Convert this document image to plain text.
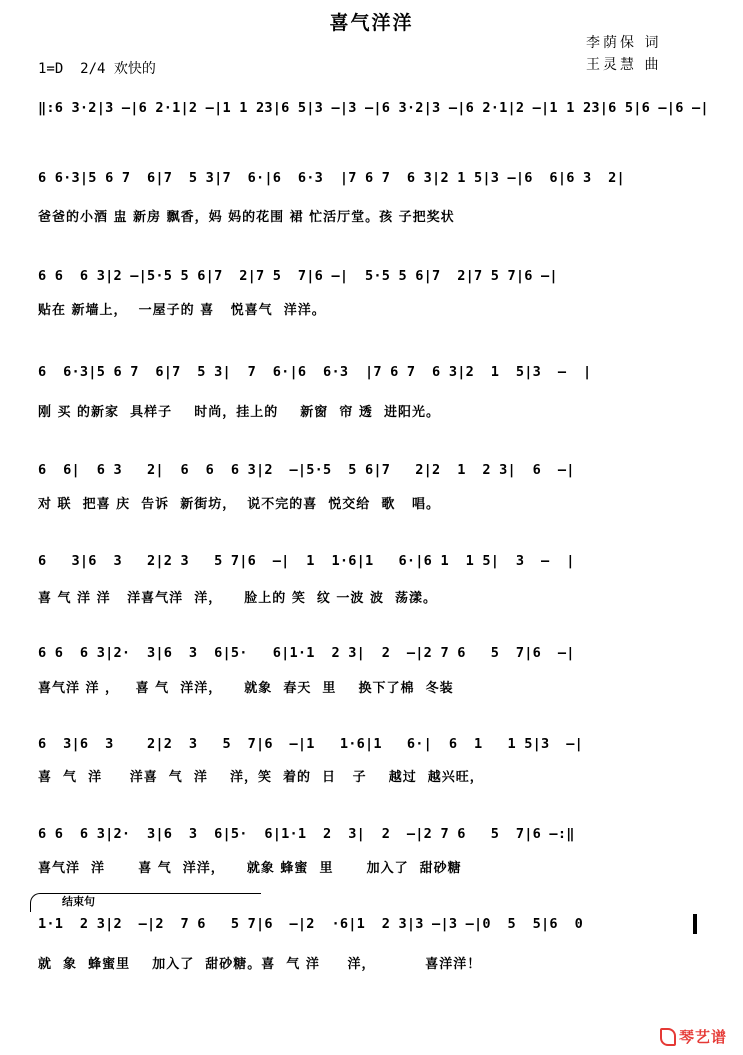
喜气洋洋
李荫保 词
王灵慧 曲
1=D  2/4 欢快的
‖:6 3·2|3 –|6 2·1|2 –|1 1 23|6 5|3 –|3 –|6 3·2|3 –|6 2·1|2 –|1 1 23|6 5|6 –|6 –|
6 6·3|5 6 7  6|7  5 3|7  6·|6  6·3  |7 6 7  6 3|2 1 5|3 –|6  6|6 3  2|
爸爸的小酒 盅 新房 飘香，妈 妈的花围 裙 忙活厅堂。孩 子把奖状
6 6  6 3|2 –|5·5 5 6|7  2|7 5  7|6 –|  5·5 5 6|7  2|7 5 7|6 –|
贴在 新墙上，  一屋子的 喜   悦喜气  洋洋。
6  6·3|5 6 7  6|7  5 3|  7  6·|6  6·3  |7 6 7  6 3|2  1  5|3  –  |
刚 买 的新家  具样子    时尚，挂上的    新窗  帘 透  进阳光。
6  6|  6 3   2|  6  6  6 3|2  –|5·5  5 6|7   2|2  1  2 3|  6  –|
对 联  把喜 庆  告诉  新街坊，  说不完的喜  悦交给  歌   唱。
6   3|6  3   2|2 3   5 7|6  –|  1  1·6|1   6·|6 1  1 5|  3  –  |
喜 气 洋 洋   洋喜气洋  洋，    脸上的 笑  纹 一波 波  荡漾。
6 6  6 3|2·  3|6  3  6|5·   6|1·1  2 3|  2  –|2 7 6   5  7|6  –|
喜气洋 洋 ，   喜 气  洋洋，    就象  春天  里    换下了棉  冬装
6  3|6  3    2|2  3   5  7|6  –|1   1·6|1   6·|  6  1   1 5|3  –|
喜  气  洋     洋喜  气  洋    洋，笑  着的  日   子    越过  越兴旺，
6 6  6 3|2·  3|6  3  6|5·  6|1·1  2  3|  2  –|2 7 6   5  7|6 –:‖
喜气洋  洋      喜 气  洋洋，    就象 蜂蜜  里      加入了  甜砂糖
结束句
1·1  2 3|2  –|2  7 6   5 7|6  –|2  ·6|1  2 3|3 –|3 –|0  5  5|6  0
就  象  蜂蜜里    加入了  甜砂糖。喜  气 洋     洋，         喜洋洋！
琴艺谱
